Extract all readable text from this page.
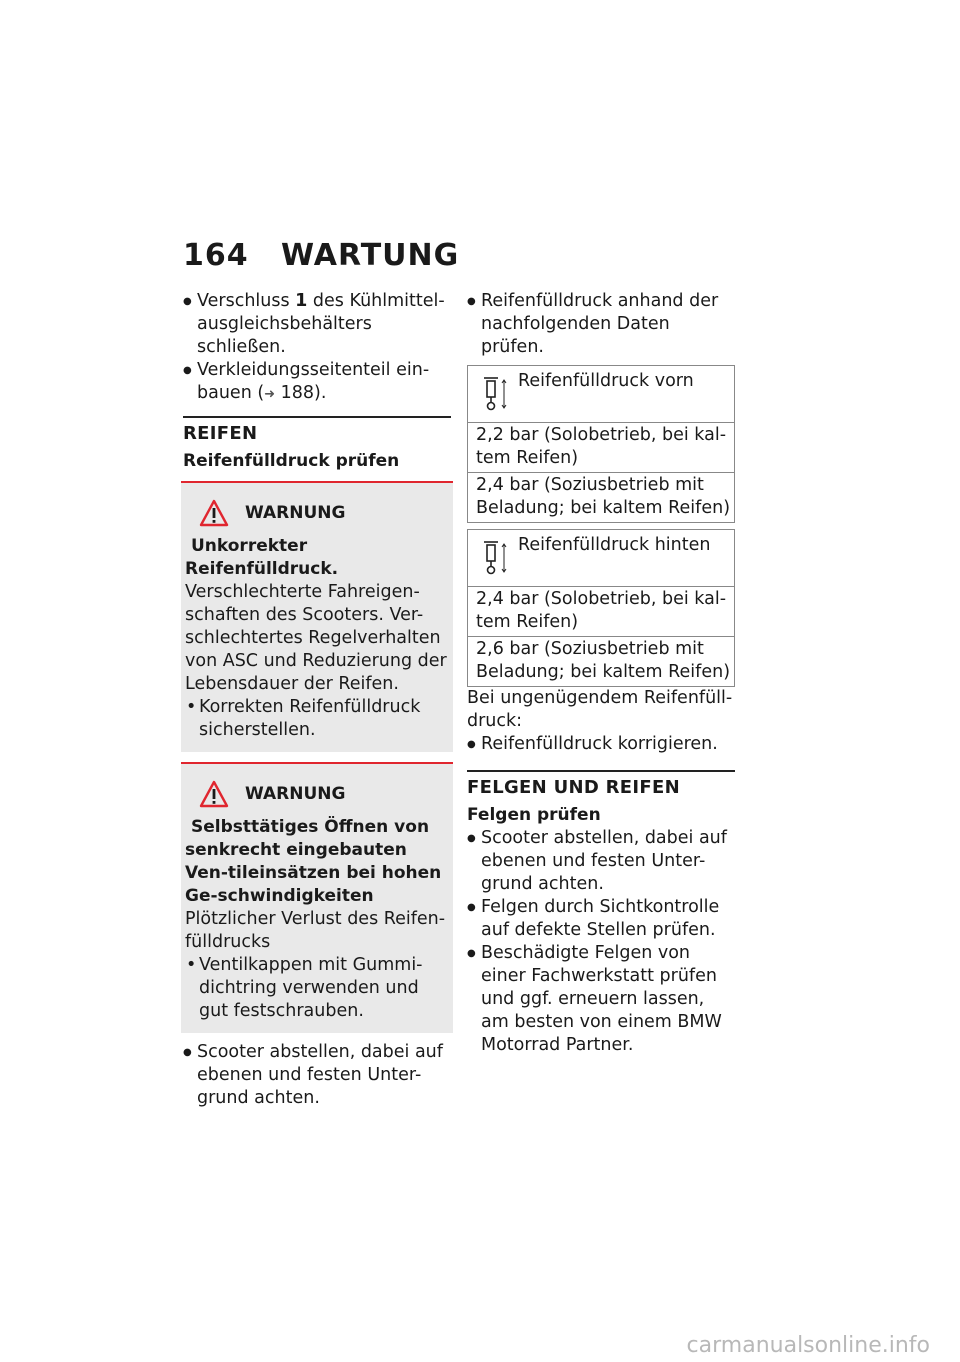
164 WARTUNG
● Verschluss 1 des Kühlmittel-ausgleichsbehälters schließen.
● Verkleidungsseitenteil ein-bauen (➜ 188).
REIFEN
Reifenfülldruck prüfen
WARNUNG
Unkorrekter Reifenfülldruck.
Verschlechterte Fahreigen-schaften des Scooters. Ver-schlechtertes Regelverhalten von ASC und Reduzierung der Lebensdauer der Reifen.
• Korrekten Reifenfülldruck sicherstellen.
WARNUNG
Selbsttätiges Öffnen von senkrecht eingebauten Ven-tileinsätzen bei hohen Ge-schwindigkeiten
Plötzlicher Verlust des Reifen-fülldrucks
• Ventilkappen mit Gummi-dichtring verwenden und gut festschrauben.
● Scooter abstellen, dabei auf ebenen und festen Unter-grund achten.
● Reifenfülldruck anhand der nachfolgenden Daten prüfen.
Reifenfülldruck vorn
2,2 bar (Solobetrieb, bei kal-tem Reifen)
2,4 bar (Soziusbetrieb mit Beladung; bei kaltem Reifen)
Reifenfülldruck hinten
2,4 bar (Solobetrieb, bei kal-tem Reifen)
2,6 bar (Soziusbetrieb mit Beladung; bei kaltem Reifen)
Bei ungenügendem Reifenfüll-druck:
● Reifenfülldruck korrigieren.
FELGEN UND REIFEN
Felgen prüfen
● Scooter abstellen, dabei auf ebenen und festen Unter-grund achten.
● Felgen durch Sichtkontrolle auf defekte Stellen prüfen.
● Beschädigte Felgen von einer Fachwerkstatt prüfen und ggf. erneuern lassen, am besten von einem BMW Motorrad Partner.
carmanualsonline.info
